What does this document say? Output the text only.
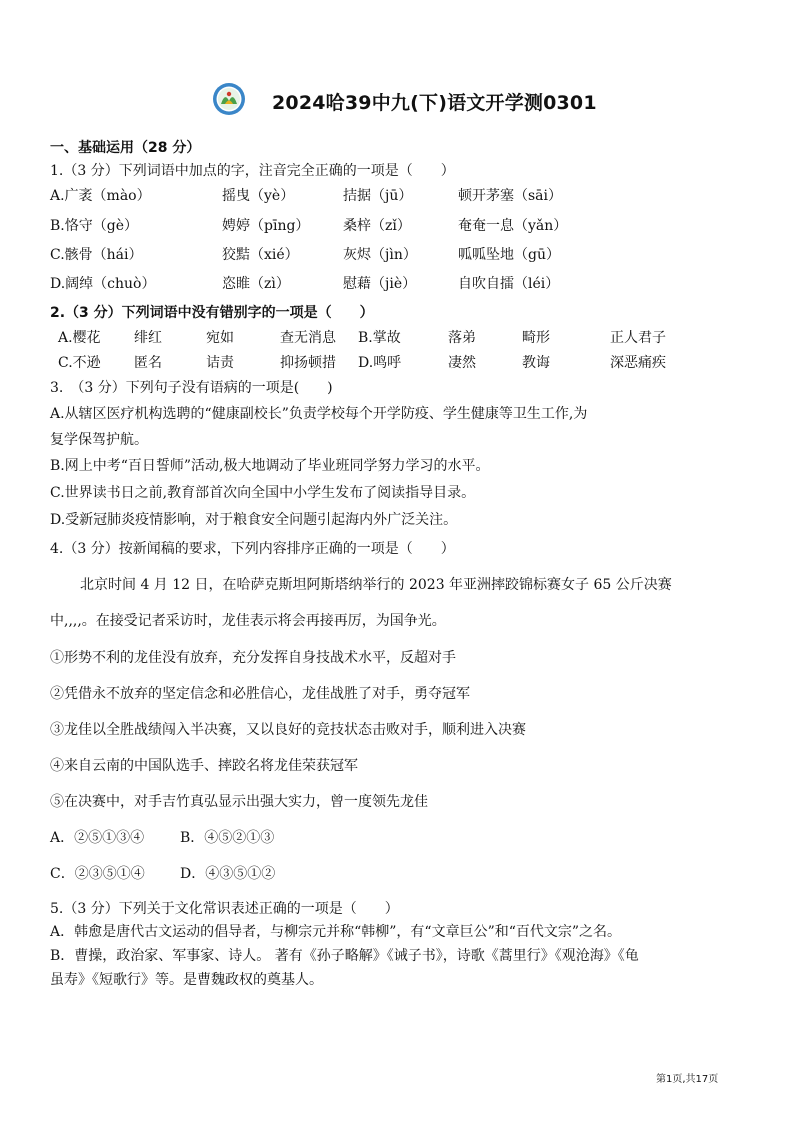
2024哈39中九(下)语文开学测0301
一、基础运用（28 分）
1.（3 分）下列词语中加点的字，注音完全正确的一项是（　　）
A.广袤（mào）	摇曳（yè）	拮据（jū）	顿开茅塞（sāi）
B.恪守（gè）	娉婷（pīng） 桑梓（zǐ）	奄奄一息（yǎn）
C.骸骨（hái）	狡黠（xié）	灰烬（jìn）	呱呱坠地（gū）
D.阔绰（chuò）	恣睢（zì）	慰藉（jiè）	自吹自擂（léi）
2.（3 分）下列词语中没有错别字的一项是（　　）
A.樱花 绯红	宛如	查无消息 B.掌故	落弟	畸形	正人君子
C.不逊 匿名	诘责	抑扬顿措 D.鸣呼	凄然	教诲	深恶痛疾
3.　（3 分）下列句子没有语病的一项是(　　)
A.从辖区医疗机构选聘的“健康副校长”负责学校每个开学防疫、学生健康等卫生工作,为
复学保驾护航。
B.网上中考“百日誓师”活动,极大地调动了毕业班同学努力学习的水平。
C.世界读书日之前,教育部首次向全国中小学生发布了阅读指导目录。
D.受新冠肺炎疫情影响，对于粮食安全问题引起海内外广泛关注。
4.（3 分）按新闻稿的要求，下列内容排序正确的一项是（　　）
北京时间 4 月 12 日，在哈萨克斯坦阿斯塔纳举行的 2023 年亚洲摔跤锦标赛女子 65 公斤决赛
中,,,,。在接受记者采访时，龙佳表示将会再接再厉，为国争光。
①形势不利的龙佳没有放弃，充分发挥自身技战术水平，反超对手
②凭借永不放弃的坚定信念和必胜信心，龙佳战胜了对手，勇夺冠军
③龙佳以全胜战绩闯入半决赛，又以良好的竞技状态击败对手，顺利进入决赛
④来自云南的中国队选手、摔跤名将龙佳荣获冠军
⑤在决赛中，对手吉竹真弘显示出强大实力，曾一度领先龙佳
A．②⑤①③④	B．④⑤②①③
C．②③⑤①④	D．④③⑤①②
5.（3 分）下列关于文化常识表述正确的一项是（　　）
A．韩愈是唐代古文运动的倡导者，与柳宗元并称“韩柳”，有“文章巨公”和“百代文宗”之名。
B．曹操，政治家、军事家、诗人。 著有《孙子略解》《诫子书》，诗歌《蒿里行》《观沧海》《龟
虽寿》《短歌行》等。是曹魏政权的奠基人。
第1页,共17页
